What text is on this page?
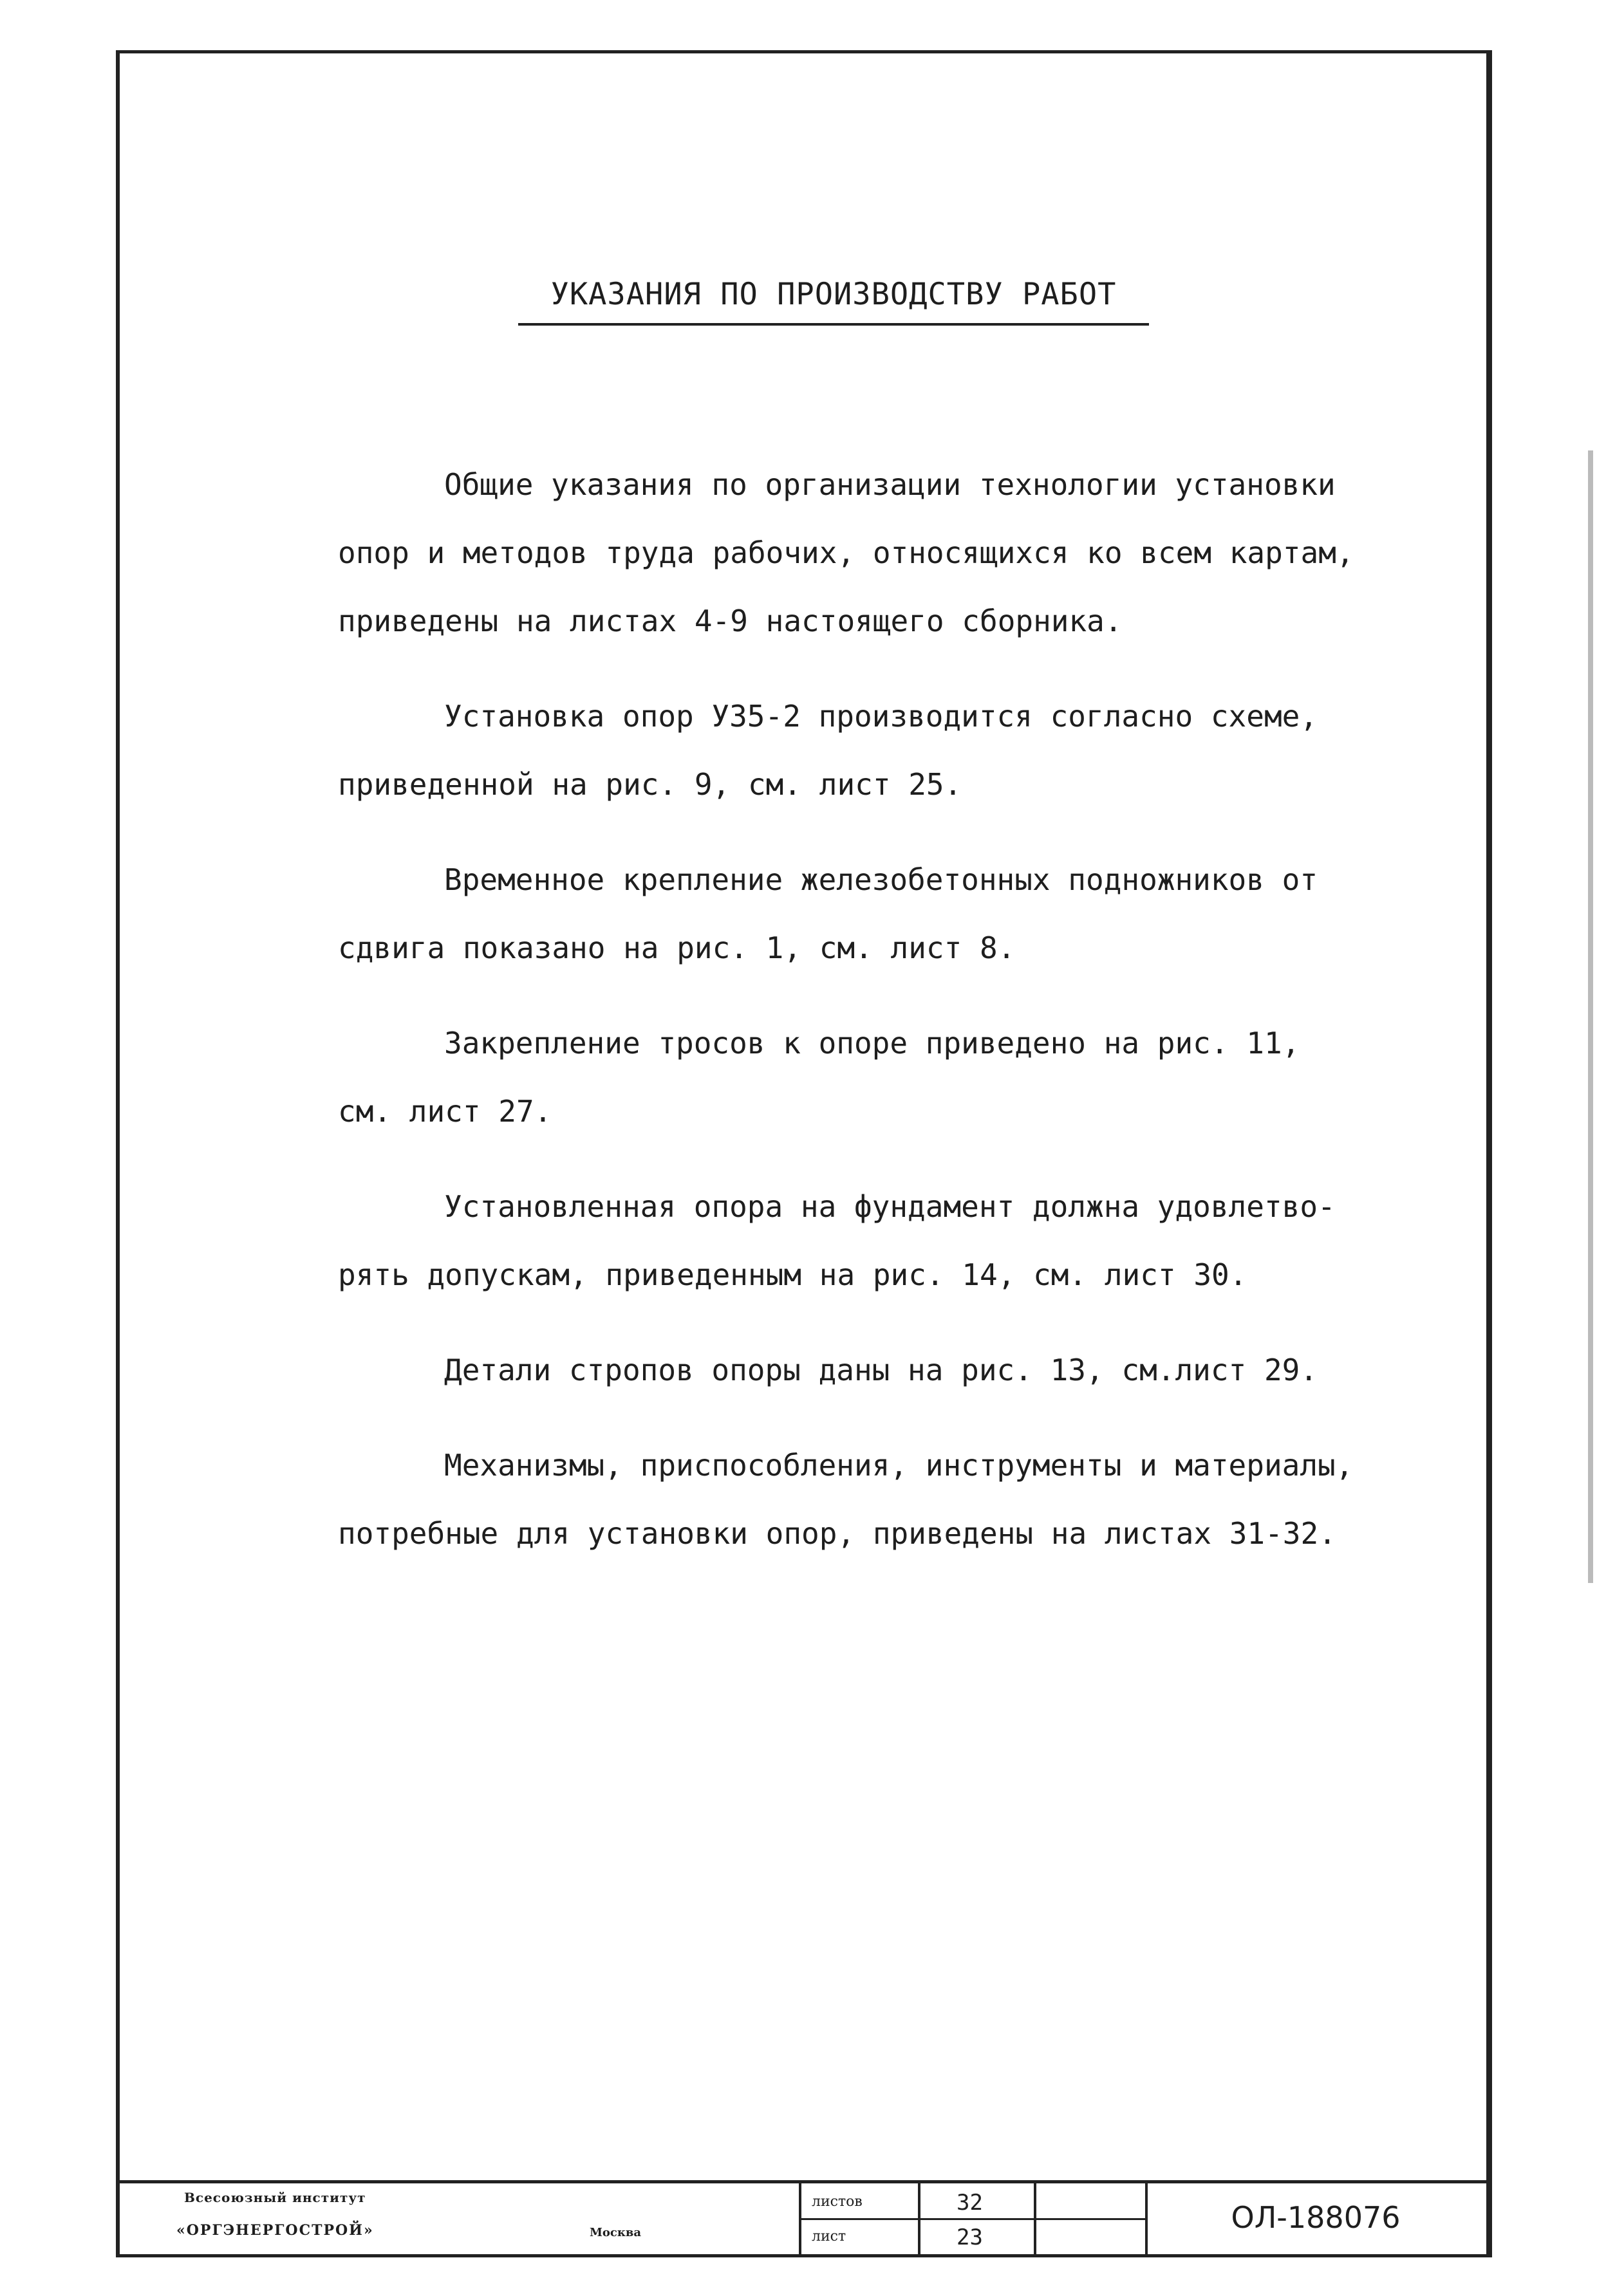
УКАЗАНИЯ ПО ПРОИЗВОДСТВУ РАБОТ
Общие указания по организации технологии установки
опор и методов труда рабочих, относящихся ко всем картам,
приведены на листах 4-9 настоящего сборника.
Установка опор У35-2 производится согласно схеме,
приведенной на рис. 9, см. лист 25.
Временное крепление железобетонных подножников от
сдвига показано на рис. 1, см. лист 8.
Закрепление тросов к опоре приведено на рис. 11,
см. лист 27.
Установленная опора на фундамент должна удовлетво-
рять допускам, приведенным на рис. 14, см. лист 30.
Детали стропов опоры даны на рис. 13, см.лист 29.
Механизмы, приспособления, инструменты и материалы,
потребные для установки опор, приведены на листах 31-32.
Всесоюзный институт
«ОРГЭНЕРГОСТРОЙ»	Москва
листов	32
лист	23
ОЛ-188076
